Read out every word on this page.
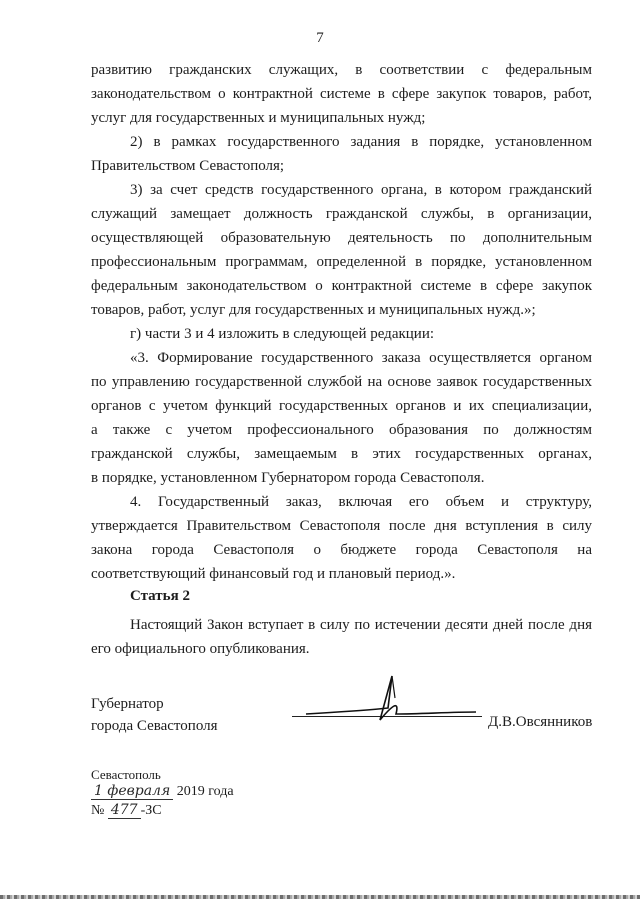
7
развитию гражданских служащих, в соответствии с федеральным
законодательством о контрактной системе в сфере закупок товаров, работ,
услуг для государственных и муниципальных нужд;
2) в рамках государственного задания в порядке, установленном
Правительством Севастополя;
3) за счет средств государственного органа, в котором гражданский
служащий замещает должность гражданской службы, в организации,
осуществляющей образовательную деятельность по дополнительным
профессиональным программам, определенной в порядке, установленном
федеральным законодательством о контрактной системе в сфере закупок
товаров, работ, услуг для государственных и муниципальных нужд.»;
г) части 3 и 4 изложить в следующей редакции:
«3. Формирование государственного заказа осуществляется органом
по управлению государственной службой на основе заявок государственных
органов с учетом функций государственных органов и их специализации,
а также с учетом профессионального образования по должностям
гражданской службы, замещаемым в этих государственных органах,
в порядке, установленном Губернатором города Севастополя.
4. Государственный заказ, включая его объем и структуру,
утверждается Правительством Севастополя после дня вступления в силу
закона города Севастополя о бюджете города Севастополя на
соответствующий финансовый год и плановый период.».
Статья 2
Настоящий Закон вступает в силу по истечении десяти дней после дня
его официального опубликования.
Губернатор
города Севастополя	Д.В.Овсянников
Севастополь
1 февраля 2019 года
№ 477 -ЗС
